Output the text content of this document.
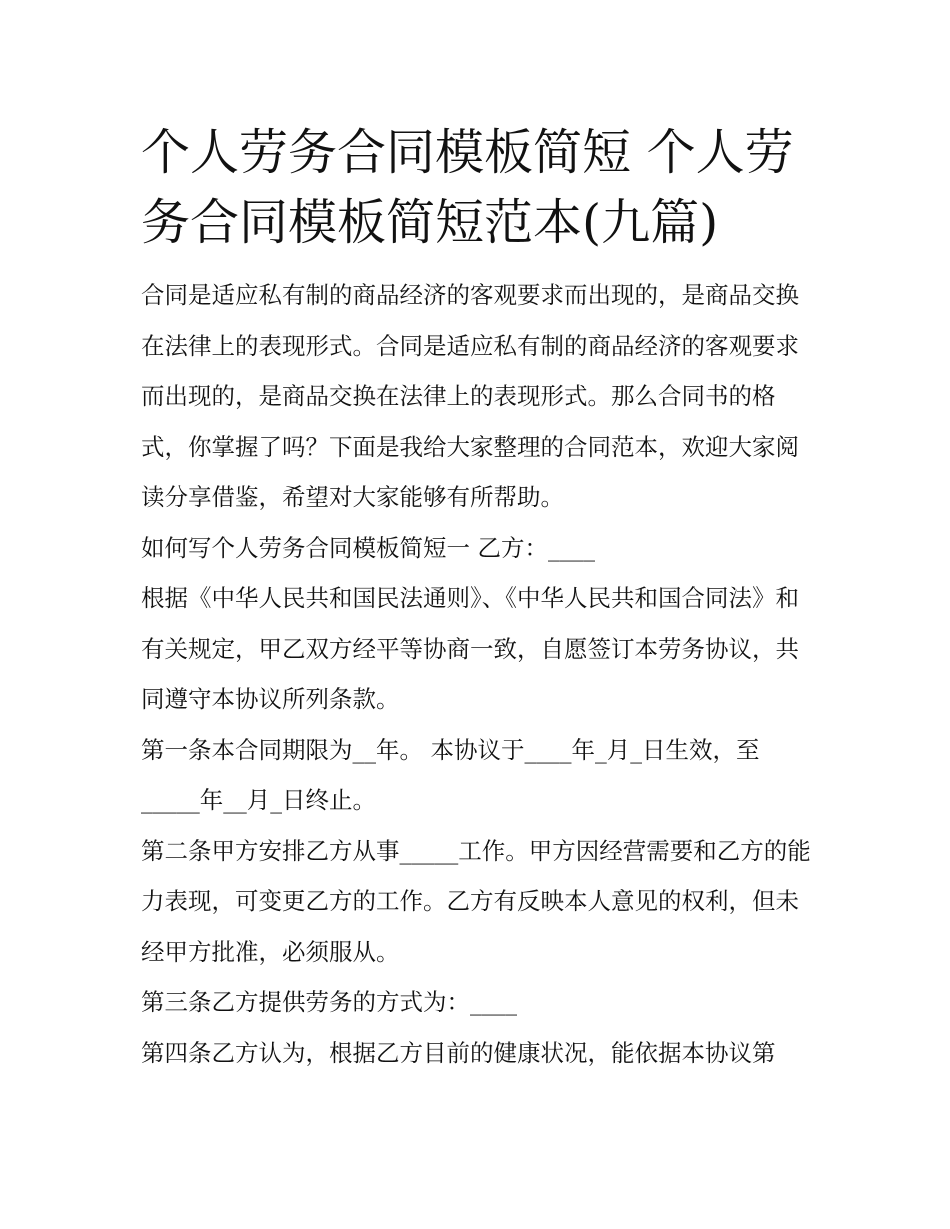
个人劳务合同模板简短 个人劳务合同模板简短范本(九篇)

合同是适应私有制的商品经济的客观要求而出现的，是商品交换在法律上的表现形式。合同是适应私有制的商品经济的客观要求而出现的，是商品交换在法律上的表现形式。那么合同书的格式，你掌握了吗？下面是我给大家整理的合同范本，欢迎大家阅读分享借鉴，希望对大家能够有所帮助。

如何写个人劳务合同模板简短一 乙方：____

根据《中华人民共和国民法通则》、《中华人民共和国合同法》和有关规定，甲乙双方经平等协商一致，自愿签订本劳务协议，共同遵守本协议所列条款。

第一条本合同期限为__年。 本协议于____年_月_日生效，至_____年__月_日终止。

第二条甲方安排乙方从事_____工作。甲方因经营需要和乙方的能力表现，可变更乙方的工作。乙方有反映本人意见的权利，但未经甲方批准，必须服从。

第三条乙方提供劳务的方式为：____

第四条乙方认为，根据乙方目前的健康状况，能依据本协议第
